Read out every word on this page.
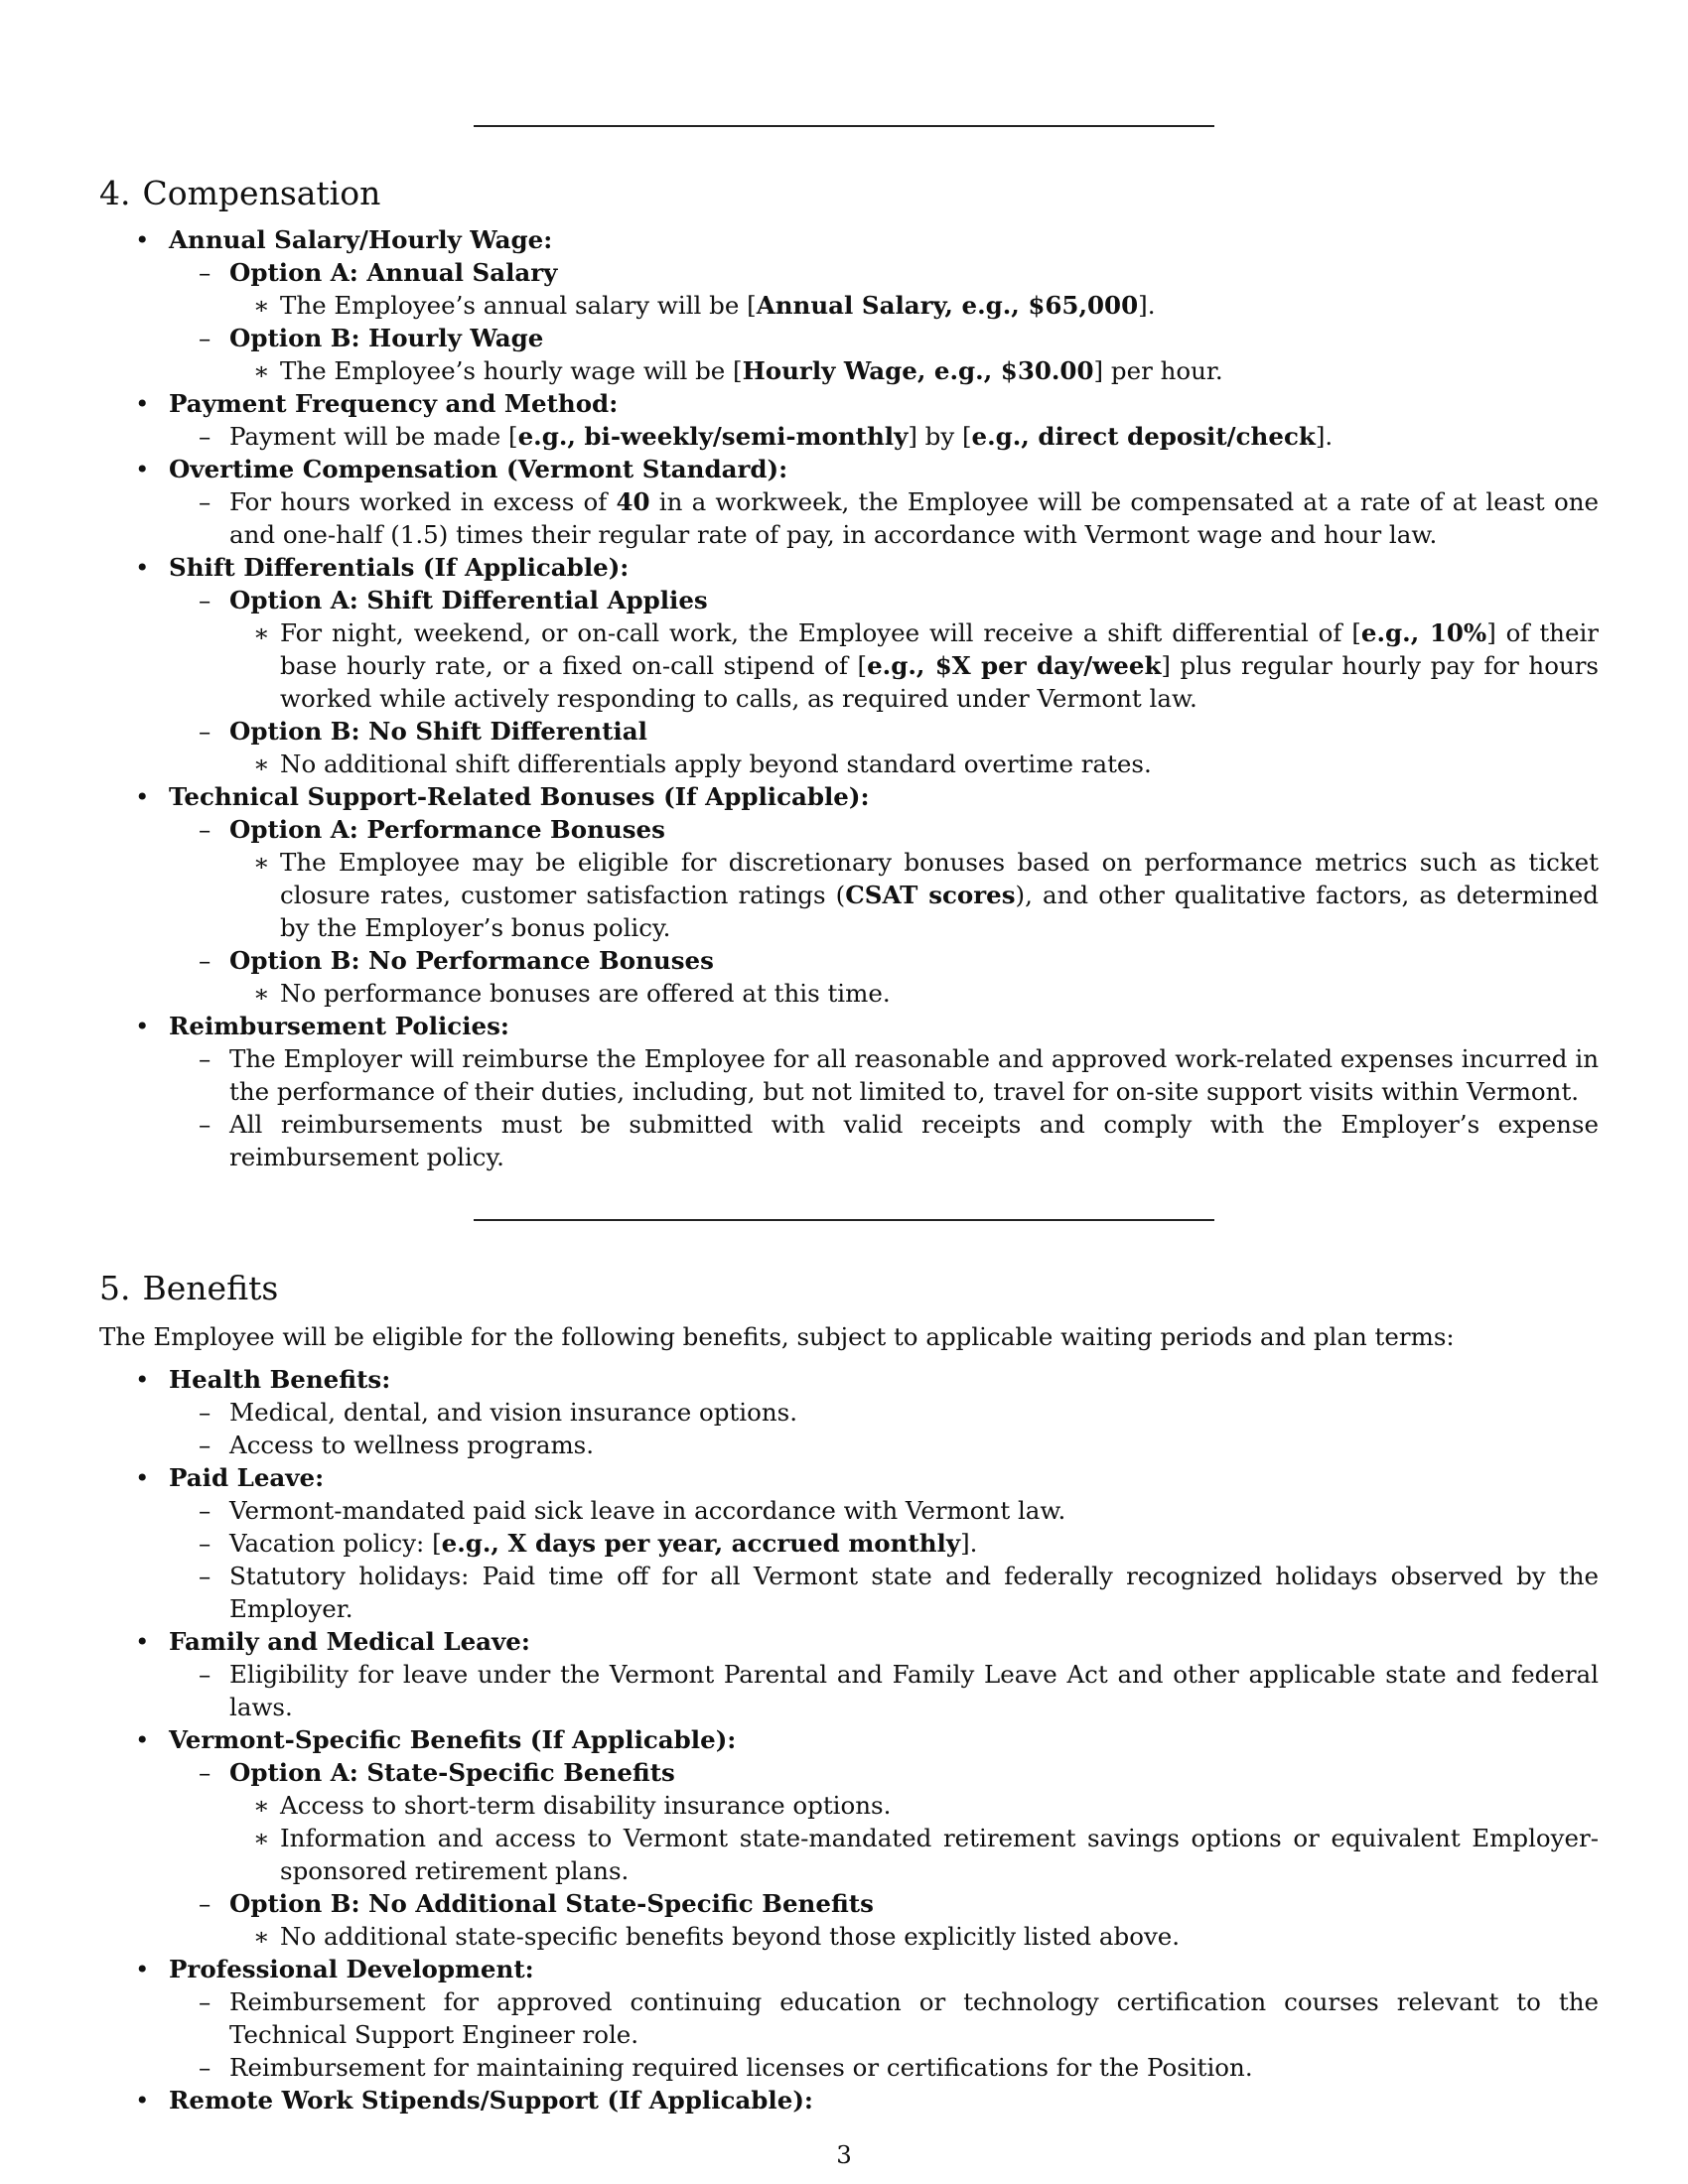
4. Compensation
• Annual Salary/Hourly Wage:
– Option A: Annual Salary
∗ The Employee’s annual salary will be [Annual Salary, e.g., $65,000].
– Option B: Hourly Wage
∗ The Employee’s hourly wage will be [Hourly Wage, e.g., $30.00] per hour.
• Payment Frequency and Method:
– Payment will be made [e.g., bi-weekly/semi-monthly] by [e.g., direct deposit/check].
• Overtime Compensation (Vermont Standard):
– For hours worked in excess of 40 in a workweek, the Employee will be compensated at a rate of at least one and one-half (1.5) times their regular rate of pay, in accordance with Vermont wage and hour law.
• Shift Differentials (If Applicable):
– Option A: Shift Differential Applies
∗ For night, weekend, or on-call work, the Employee will receive a shift differential of [e.g., 10%] of their base hourly rate, or a fixed on-call stipend of [e.g., $X per day/week] plus regular hourly pay for hours worked while actively responding to calls, as required under Vermont law.
– Option B: No Shift Differential
∗ No additional shift differentials apply beyond standard overtime rates.
• Technical Support-Related Bonuses (If Applicable):
– Option A: Performance Bonuses
∗ The Employee may be eligible for discretionary bonuses based on performance metrics such as ticket closure rates, customer satisfaction ratings (CSAT scores), and other qualitative factors, as determined by the Employer’s bonus policy.
– Option B: No Performance Bonuses
∗ No performance bonuses are offered at this time.
• Reimbursement Policies:
– The Employer will reimburse the Employee for all reasonable and approved work-related expenses incurred in the performance of their duties, including, but not limited to, travel for on-site support visits within Vermont.
– All reimbursements must be submitted with valid receipts and comply with the Employer’s expense reimbursement policy.
5. Benefits

The Employee will be eligible for the following benefits, subject to applicable waiting periods and plan terms:

• Health Benefits:
– Medical, dental, and vision insurance options.
– Access to wellness programs.
• Paid Leave:
– Vermont-mandated paid sick leave in accordance with Vermont law.
– Vacation policy: [e.g., X days per year, accrued monthly].
– Statutory holidays: Paid time off for all Vermont state and federally recognized holidays observed by the Employer.
• Family and Medical Leave:
– Eligibility for leave under the Vermont Parental and Family Leave Act and other applicable state and federal laws.
• Vermont-Specific Benefits (If Applicable):
– Option A: State-Specific Benefits
∗ Access to short-term disability insurance options.
∗ Information and access to Vermont state-mandated retirement savings options or equivalent Employer-sponsored retirement plans.
– Option B: No Additional State-Specific Benefits
∗ No additional state-specific benefits beyond those explicitly listed above.
• Professional Development:
– Reimbursement for approved continuing education or technology certification courses relevant to the Technical Support Engineer role.
– Reimbursement for maintaining required licenses or certifications for the Position.
• Remote Work Stipends/Support (If Applicable):
3
